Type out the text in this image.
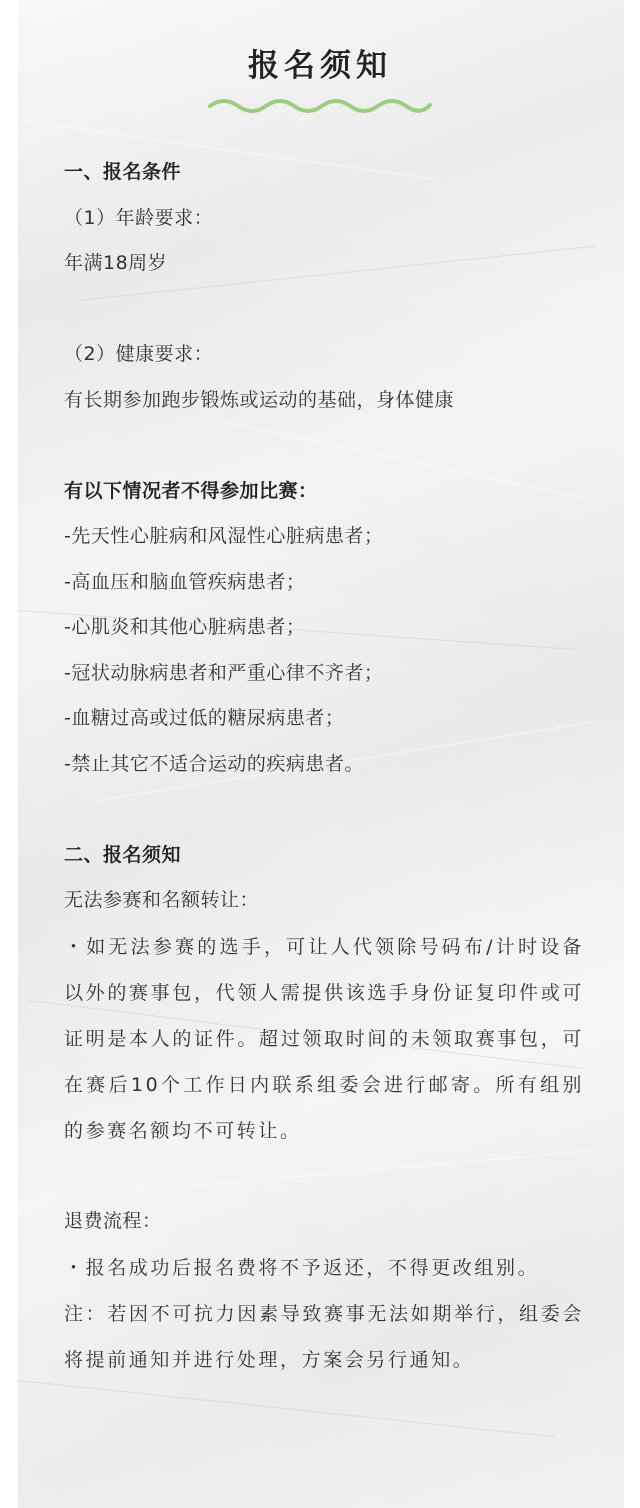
报名须知
一、报名条件
（1）年龄要求：
年满18周岁
（2）健康要求：
有长期参加跑步锻炼或运动的基础，身体健康
有以下情况者不得参加比赛：
-先天性心脏病和风湿性心脏病患者；
-高血压和脑血管疾病患者；
-心肌炎和其他心脏病患者；
-冠状动脉病患者和严重心律不齐者；
-血糖过高或过低的糖尿病患者；
-禁止其它不适合运动的疾病患者。
二、报名须知
无法参赛和名额转让：
・如无法参赛的选手，可让人代领除号码布/计时设备以外的赛事包，代领人需提供该选手身份证复印件或可证明是本人的证件。超过领取时间的未领取赛事包，可在赛后10个工作日内联系组委会进行邮寄。所有组别的参赛名额均不可转让。
退费流程：
・报名成功后报名费将不予返还，不得更改组别。
注：若因不可抗力因素导致赛事无法如期举行，组委会将提前通知并进行处理，方案会另行通知。
